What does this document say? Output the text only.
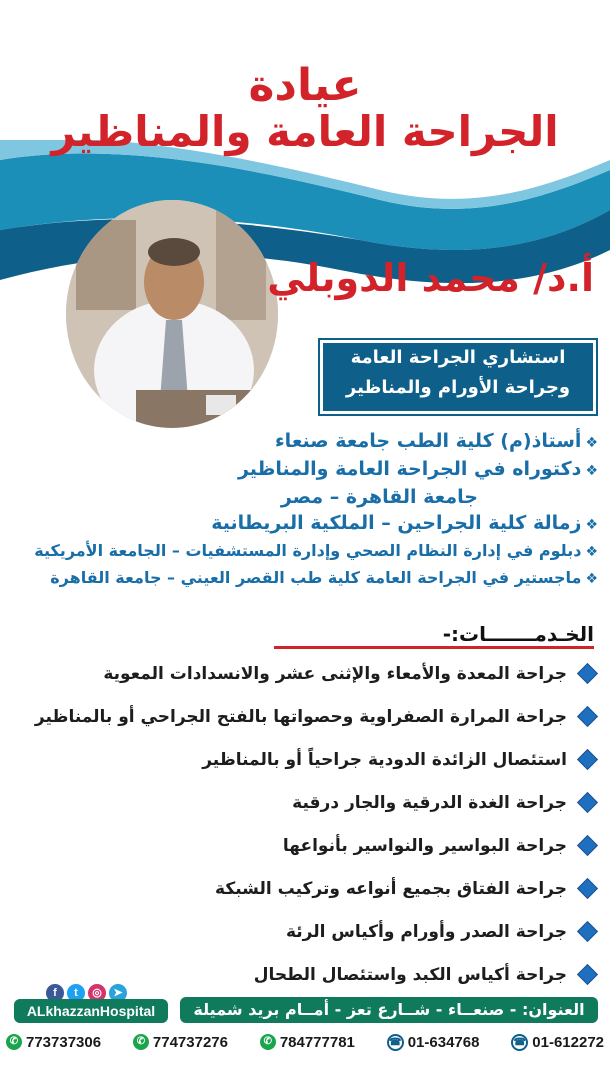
عيادة
الجراحة العامة والمناظير
أ.د/ محمد الدوبلي
استشاري الجراحة العامة
وجراحة الأورام والمناظير
❖أستاذ(م) كلية الطب جامعة صنعاء
❖دكتوراه في الجراحة العامة والمناظير
جامعة القاهرة – مصر
❖زمالة كلية الجراحين – الملكية البريطانية
❖دبلوم في إدارة النظام الصحي وإدارة المستشفيات – الجامعة الأمريكية
❖ماجستير في الجراحة العامة كلية طب القصر العيني – جامعة القاهرة
الخـدمـــــــات:-
جراحة المعدة والأمعاء والإثنى عشر والانسدادات المعوية
جراحة المرارة الصفراوية وحصواتها بالفتح الجراحي أو بالمناظير
استئصال الزائدة الدودية جراحياً أو بالمناظير
جراحة الغدة الدرقية والجار درقية
جراحة البواسير والنواسير بأنواعها
جراحة الفتاق بجميع أنواعه وتركيب الشبكة
جراحة الصدر وأورام وأكياس الرئة
جراحة أكياس الكبد واستئصال الطحال
f	t	◎	➤
ALkhazzanHospital	العنوان: - صنعــاء - شــارع تعز - أمــام بريد شميلة
✆ 773737306	✆ 774737276	✆ 784777781	☎ 01-634768	☎ 01-612272
